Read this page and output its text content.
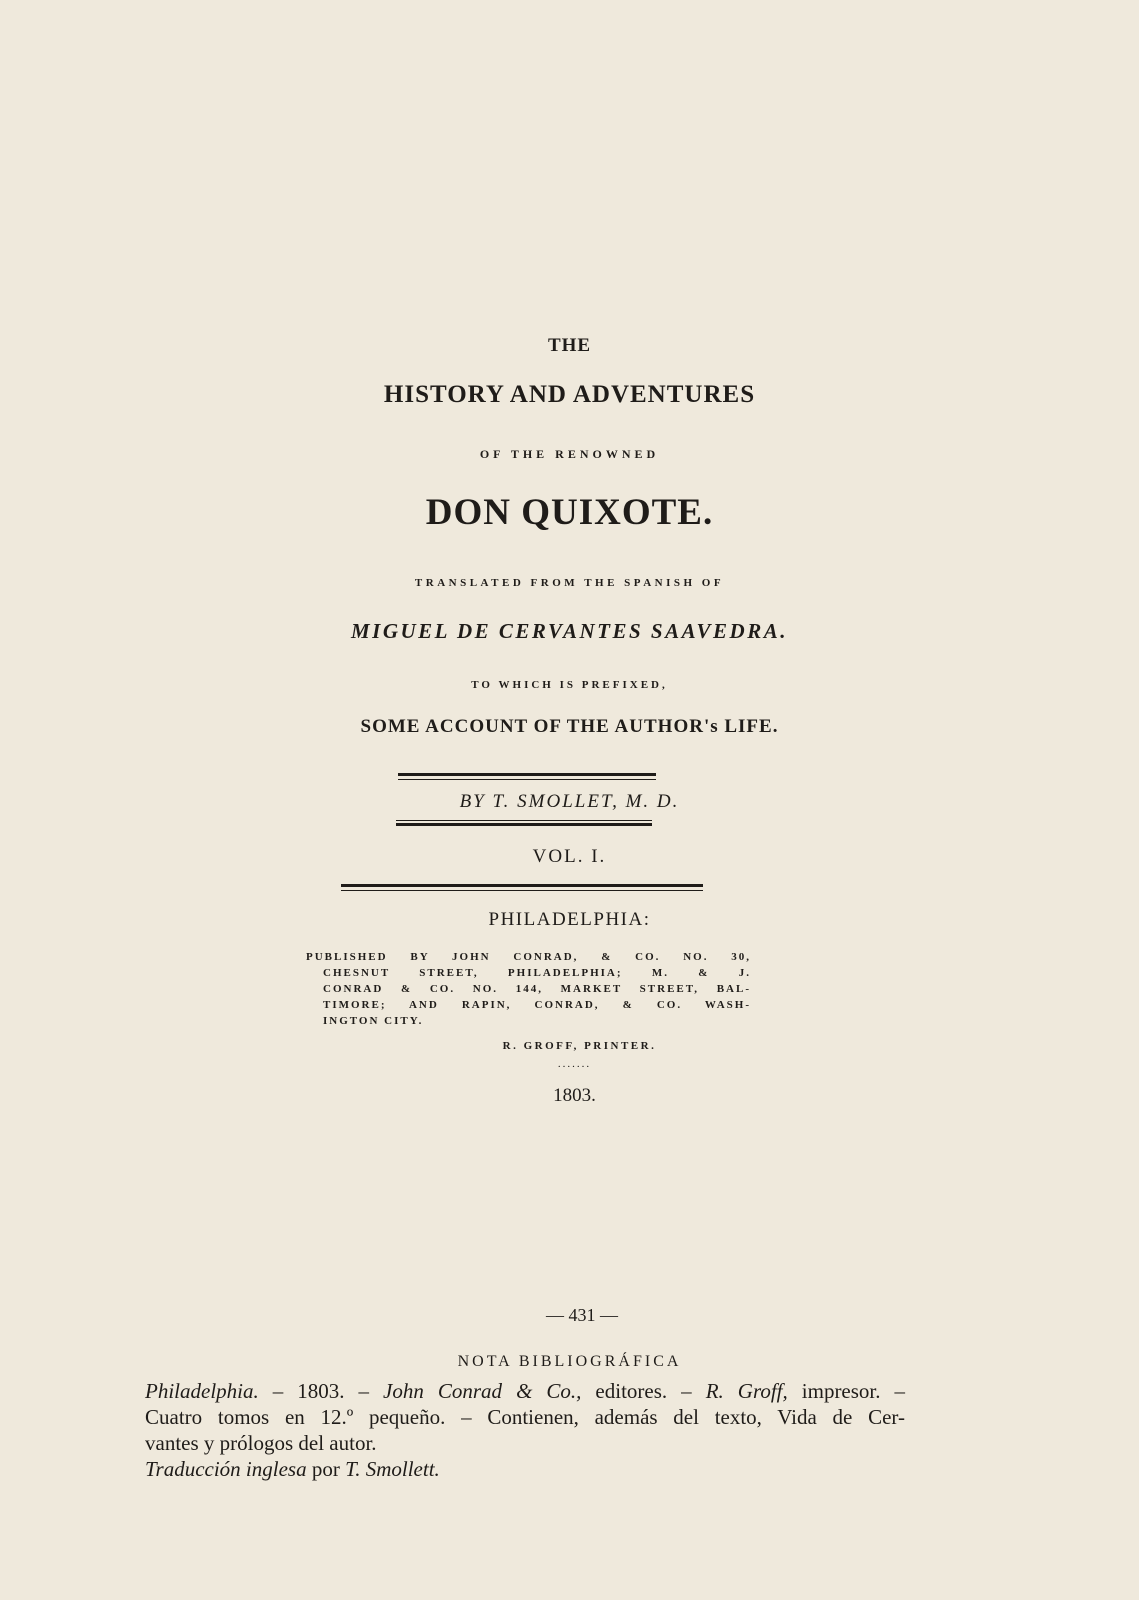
THE
HISTORY AND ADVENTURES
OF THE RENOWNED
DON QUIXOTE.
TRANSLATED FROM THE SPANISH OF
MIGUEL DE CERVANTES SAAVEDRA.
TO WHICH IS PREFIXED,
SOME ACCOUNT OF THE AUTHOR's LIFE.
BY T. SMOLLET, M. D.
VOL. I.
PHILADELPHIA:
PUBLISHED BY JOHN CONRAD, & CO. NO. 30,
CHESNUT STREET, PHILADELPHIA; M. & J.
CONRAD & CO. NO. 144, MARKET STREET, BAL-
TIMORE; AND RAPIN, CONRAD, & CO. WASH-
INGTON CITY.
R. GROFF, PRINTER.
.......
1803.
— 431 —
NOTA BIBLIOGRÁFICA
Philadelphia. – 1803. – John Conrad & Co., editores. – R. Groff, impresor. –
Cuatro tomos en 12.º pequeño. – Contienen, además del texto, Vida de Cer-
vantes y prólogos del autor.
Traducción inglesa por T. Smollett.
